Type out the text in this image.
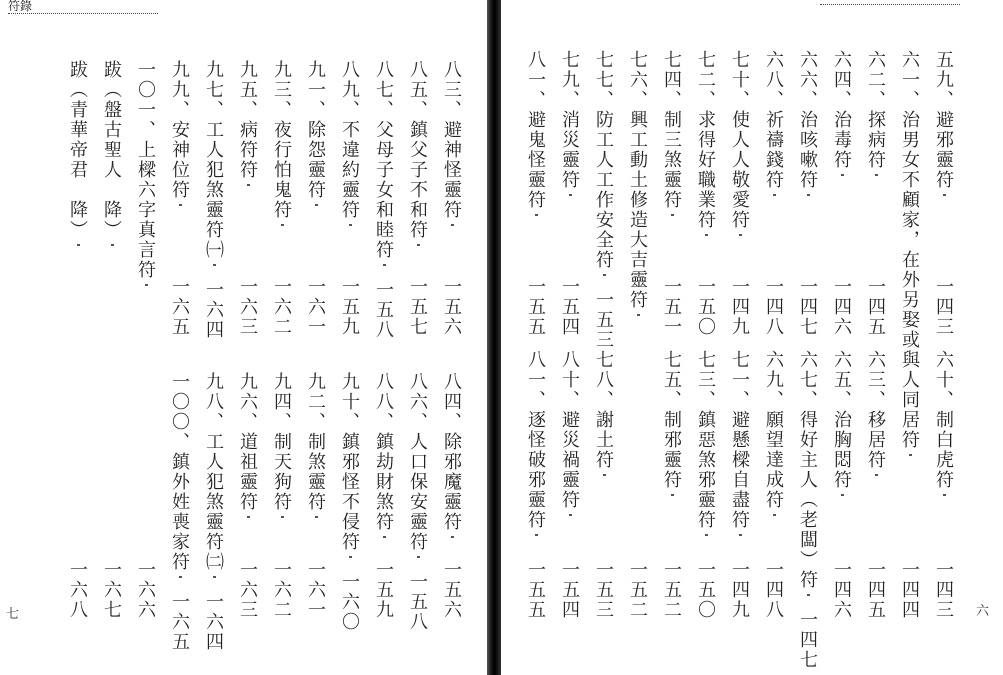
符錄
七
八三、避神怪靈符一五六
八四、除邪魔靈符一五六
八五、鎮父子不和符一五七
八六、人口保安靈符一五八
八七、父母子女和睦符一五八
八八、鎮劫財煞符一五九
八九、不違約靈符一五九
九十、鎮邪怪不侵符一六〇
九一、除怨靈符一六一
九二、制煞靈符一六一
九三、夜行怕鬼符一六二
九四、制天狗符一六二
九五、病符符一六三
九六、道祖靈符一六三
九七、工人犯煞靈符㈠一六四
九八、工人犯煞靈符㈡一六四
九九、安神位符一六五
一〇〇、鎮外姓喪家符一六五
一〇一、上樑六字真言符一六六
跋（盤古聖人　降）一六七
跋（青華帝君　降）一六八	六
五九、避邪靈符一四三
六十、制白虎符一四三
六一、治男女不顧家，在外另娶或與人同居符一四四
六二、探病符一四五
六三、移居符一四五
六四、治毒符一四六
六五、治胸悶符一四六
六六、治咳嗽符一四七
六七、得好主人（老闆）符一四七
六八、祈禱錢符一四八
六九、願望達成符一四八
七十、使人人敬愛符一四九
七一、避懸樑自盡符一四九
七二、求得好職業符一五〇
七三、鎮惡煞邪靈符一五〇
七四、制三煞靈符一五一
七五、制邪靈符一五二
七六、興工動土修造大吉靈符一五二
七七、防工人工作安全符一五三
七八、謝土符一五三
七九、消災靈符一五四
八十、避災禍靈符一五四
八一、避鬼怪靈符一五五
八一、逐怪破邪靈符一五五
